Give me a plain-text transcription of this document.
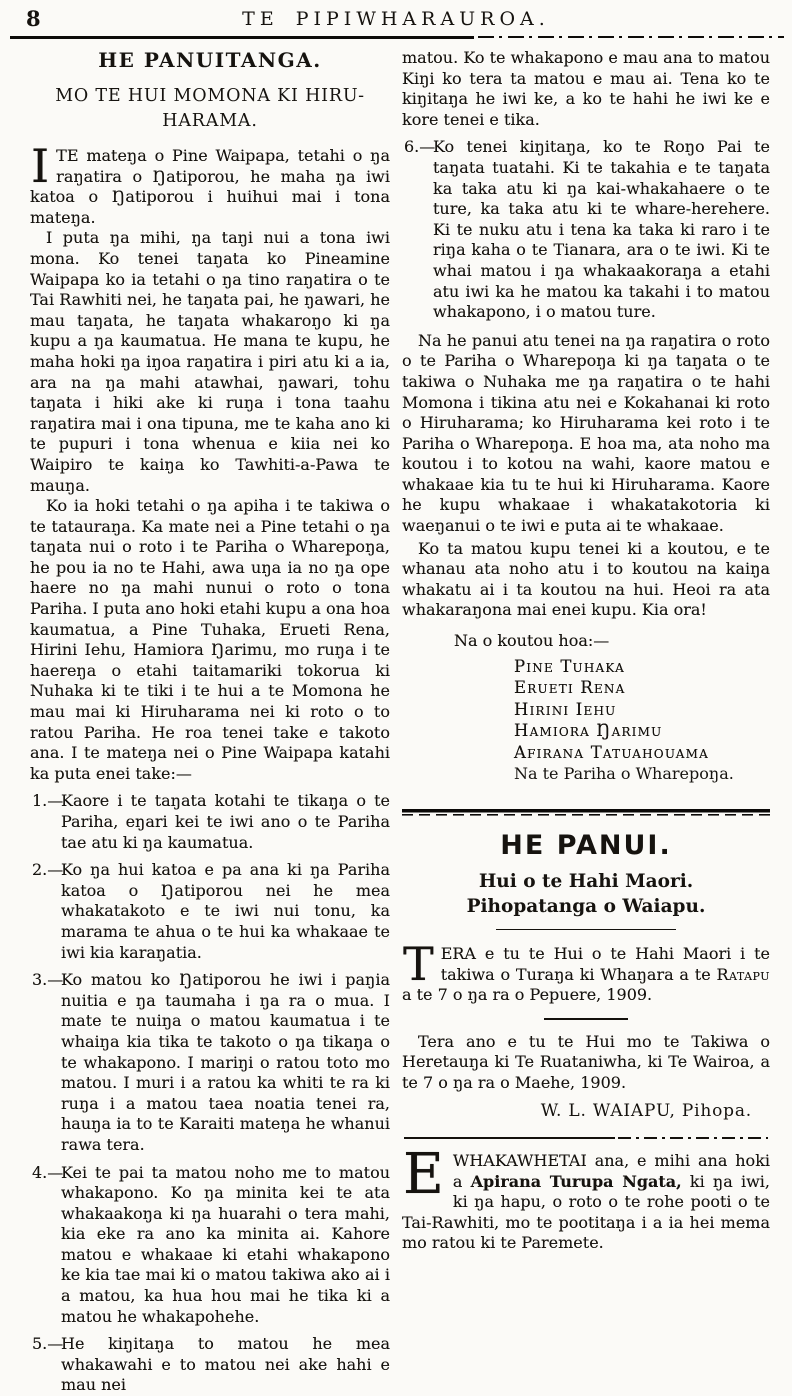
8	TE PIPIWHARAUROA.
HE PANUITANGA.
MO TE HUI MOMONA KI HIRU-
HARAMA.

ITE mateŋa o Pine Waipapa, tetahi o ŋa raŋatira o Ŋatiporou, he maha ŋa iwi katoa o Ŋatiporou i huihui mai i tona mateŋa.

I puta ŋa mihi, ŋa taŋi nui a tona iwi mona. Ko tenei taŋata ko Pineamine Waipapa ko ia tetahi o ŋa tino raŋatira o te Tai Rawhiti nei, he taŋata pai, he ŋawari, he mau taŋata, he taŋata whakaroŋo ki ŋa kupu a ŋa kaumatua. He mana te kupu, he maha hoki ŋa iŋoa raŋatira i piri atu ki a ia, ara na ŋa mahi atawhai, ŋawari, tohu taŋata i hiki ake ki ruŋa i tona taahu raŋatira mai i ona tipuna, me te kaha ano ki te pupuri i tona whenua e kiia nei ko Waipiro te kaiŋa ko Tawhiti-a-Pawa te mauŋa.

Ko ia hoki tetahi o ŋa apiha i te takiwa o te tatauraŋa. Ka mate nei a Pine tetahi o ŋa taŋata nui o roto i te Pariha o Wharepoŋa, he pou ia no te Hahi, awa uŋa ia no ŋa ope haere no ŋa mahi nunui o roto o tona Pariha. I puta ano hoki etahi kupu a ona hoa kaumatua, a Pine Tuhaka, Erueti Rena, Hirini Iehu, Hamiora Ŋarimu, mo ruŋa i te haereŋa o etahi taitamariki tokorua ki Nuhaka ki te tiki i te hui a te Momona he mau mai ki Hiruharama nei ki roto o to ratou Pariha. He roa tenei take e takoto ana. I te mateŋa nei o Pine Waipapa katahi ka puta enei take:—

1.—
Kaore i te taŋata kotahi te tikaŋa o te Pariha, eŋari kei te iwi ano o te Pariha tae atu ki ŋa kaumatua.
2.—
Ko ŋa hui katoa e pa ana ki ŋa Pariha katoa o Ŋatiporou nei he mea whakatakoto e te iwi nui tonu, ka marama te ahua o te hui ka whakaae te iwi kia karaŋatia.
3.—
Ko matou ko Ŋatiporou he iwi i paŋia nuitia e ŋa taumaha i ŋa ra o mua. I mate te nuiŋa o matou kaumatua i te whaiŋa kia tika te takoto o ŋa tikaŋa o te whakapono. I mariŋi o ratou toto mo matou. I muri i a ratou ka whiti te ra ki ruŋa i a matou taea noatia tenei ra, hauŋa ia to te Karaiti mateŋa he whanui rawa tera.
4.—
Kei te pai ta matou noho me to matou whakapono. Ko ŋa minita kei te ata whakaakoŋa ki ŋa huarahi o tera mahi, kia eke ra ano ka minita ai. Kahore matou e whakaae ki etahi whakapono ke kia tae mai ki o matou takiwa ako ai i a matou, ka hua hou mai he tika ki a matou he whakapohehe.
5.—
He kiŋitaŋa to matou he mea whakawahi e to matou nei ake hahi e mau nei

matou. Ko te whakapono e mau ana to matou Kiŋi ko tera ta matou e mau ai. Tena ko te kiŋitaŋa he iwi ke, a ko te hahi he iwi ke e kore tenei e tika.

6.—
Ko tenei kiŋitaŋa, ko te Roŋo Pai te taŋata tuatahi. Ki te takahia e te taŋata ka taka atu ki ŋa kai-whakahaere o te ture, ka taka atu ki te whare-herehere. Ki te nuku atu i tena ka taka ki raro i te riŋa kaha o te Tianara, ara o te iwi. Ki te whai matou i ŋa whakaakoraŋa a etahi atu iwi ka he matou ka takahi i to matou whakapono, i o matou ture.

Na he panui atu tenei na ŋa raŋatira o roto o te Pariha o Wharepoŋa ki ŋa taŋata o te takiwa o Nuhaka me ŋa raŋatira o te hahi Momona i tikina atu nei e Kokahanai ki roto o Hiruharama; ko Hiruharama kei roto i te Pariha o Wharepoŋa. E hoa ma, ata noho ma koutou i to kotou na wahi, kaore matou e whakaae kia tu te hui ki Hiruharama. Kaore he kupu whakaae i whakatakotoria ki waeŋanui o te iwi e puta ai te whakaae.

Ko ta matou kupu tenei ki a koutou, e te whanau ata noho atu i to koutou na kaiŋa whakatu ai i ta koutou na hui. Heoi ra ata whakaraŋona mai enei kupu. Kia ora!

Na o koutou hoa:—
Pine Tuhaka
Erueti Rena
Hirini Iehu
Hamiora Ŋarimu
Afirana Tatuahouama
Na te Pariha o Wharepoŋa.
HE PANUI.
Hui o te Hahi Maori. Pihopatanga o Waiapu.

TERA e tu te Hui o te Hahi Maori i te takiwa o Turaŋa ki Whaŋara a te Ratapu a te 7 o ŋa ra o Pepuere, 1909.

Tera ano e tu te Hui mo te Takiwa o Heretauŋa ki Te Ruataniwha, ki Te Wairoa, a te 7 o ŋa ra o Maehe, 1909.

W. L. WAIAPU, Pihopa.

EWHAKAWHETAI ana, e mihi ana hoki a Apirana Turupa Ngata, ki ŋa iwi, ki ŋa hapu, o roto o te rohe pooti o te Tai-Rawhiti, mo te pootitaŋa i a ia hei mema mo ratou ki te Paremete.
